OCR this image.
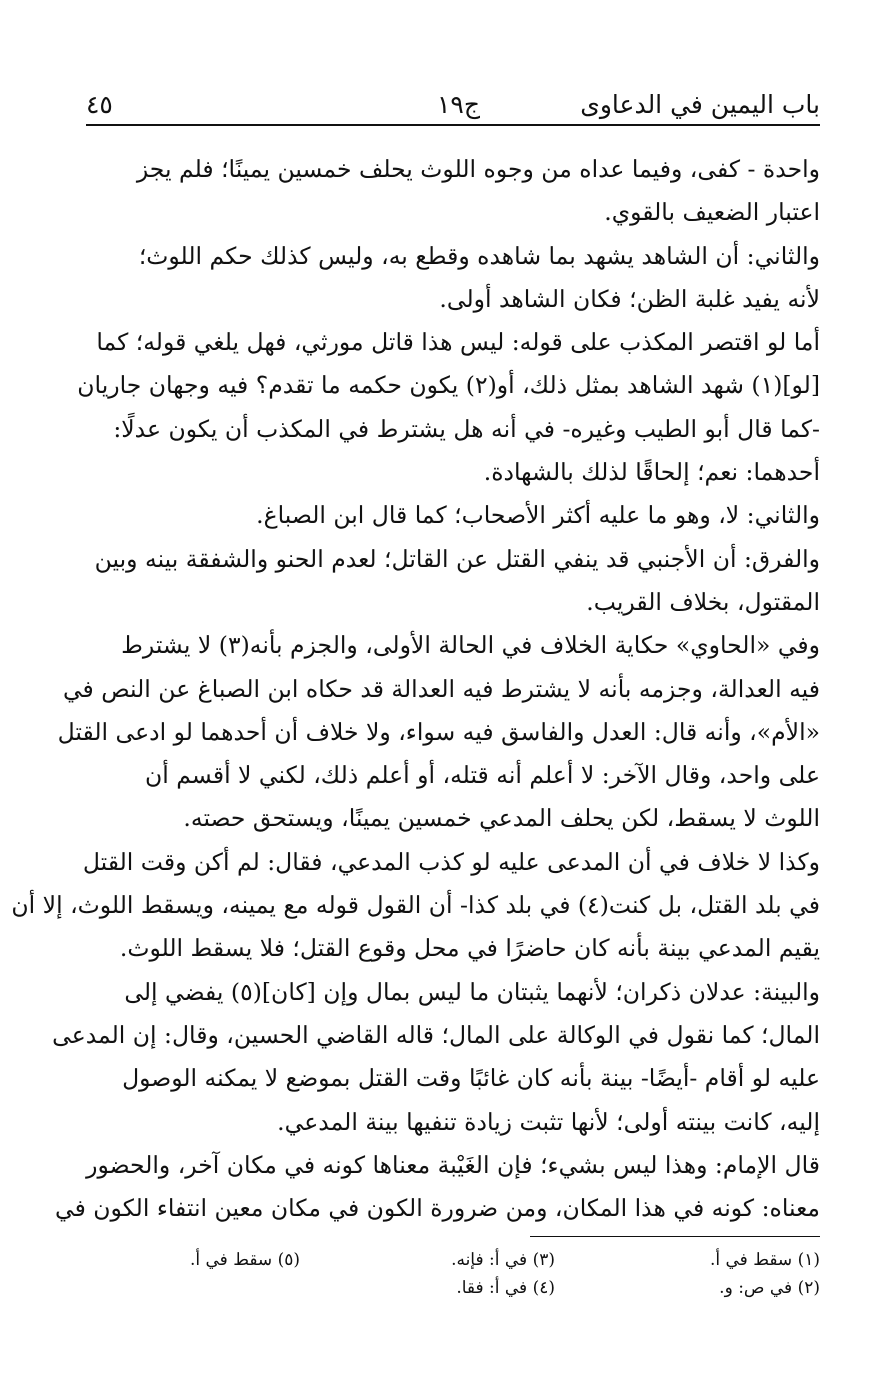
باب اليمين في الدعاوى
ج١٩
٤٥
واحدة - كفى، وفيما عداه من وجوه اللوث يحلف خمسين يمينًا؛ فلم يجز
اعتبار الضعيف بالقوي.
والثاني: أن الشاهد يشهد بما شاهده وقطع به، وليس كذلك حكم اللوث؛
لأنه يفيد غلبة الظن؛ فكان الشاهد أولى.
أما لو اقتصر المكذب على قوله: ليس هذا قاتل مورثي، فهل يلغي قوله؛ كما
[لو](١) شهد الشاهد بمثل ذلك، أو(٢) يكون حكمه ما تقدم؟ فيه وجهان جاريان
-كما قال أبو الطيب وغيره- في أنه هل يشترط في المكذب أن يكون عدلًا:
أحدهما: نعم؛ إلحاقًا لذلك بالشهادة.
والثاني: لا، وهو ما عليه أكثر الأصحاب؛ كما قال ابن الصباغ.
والفرق: أن الأجنبي قد ينفي القتل عن القاتل؛ لعدم الحنو والشفقة بينه وبين
المقتول، بخلاف القريب.
وفي «الحاوي» حكاية الخلاف في الحالة الأولى، والجزم بأنه(٣) لا يشترط
فيه العدالة، وجزمه بأنه لا يشترط فيه العدالة قد حكاه ابن الصباغ عن النص في
«الأم»، وأنه قال: العدل والفاسق فيه سواء، ولا خلاف أن أحدهما لو ادعى القتل
على واحد، وقال الآخر: لا أعلم أنه قتله، أو أعلم ذلك، لكني لا أقسم أن
اللوث لا يسقط، لكن يحلف المدعي خمسين يمينًا، ويستحق حصته.
وكذا لا خلاف في أن المدعى عليه لو كذب المدعي، فقال: لم أكن وقت القتل
في بلد القتل، بل كنت(٤) في بلد كذا- أن القول قوله مع يمينه، ويسقط اللوث، إلا أن
يقيم المدعي بينة بأنه كان حاضرًا في محل وقوع القتل؛ فلا يسقط اللوث.
والبينة: عدلان ذكران؛ لأنهما يثبتان ما ليس بمال وإن [كان](٥) يفضي إلى
المال؛ كما نقول في الوكالة على المال؛ قاله القاضي الحسين، وقال: إن المدعى
عليه لو أقام -أيضًا- بينة بأنه كان غائبًا وقت القتل بموضع لا يمكنه الوصول
إليه، كانت بينته أولى؛ لأنها تثبت زيادة تنفيها بينة المدعي.
قال الإمام: وهذا ليس بشيء؛ فإن الغَيْبة معناها كونه في مكان آخر، والحضور
معناه: كونه في هذا المكان، ومن ضرورة الكون في مكان معين انتفاء الكون في
(١) سقط في أ.
(٢) في ص: و.
(٣) في أ: فإنه.
(٤) في أ: فقا.
(٥) سقط في أ.
